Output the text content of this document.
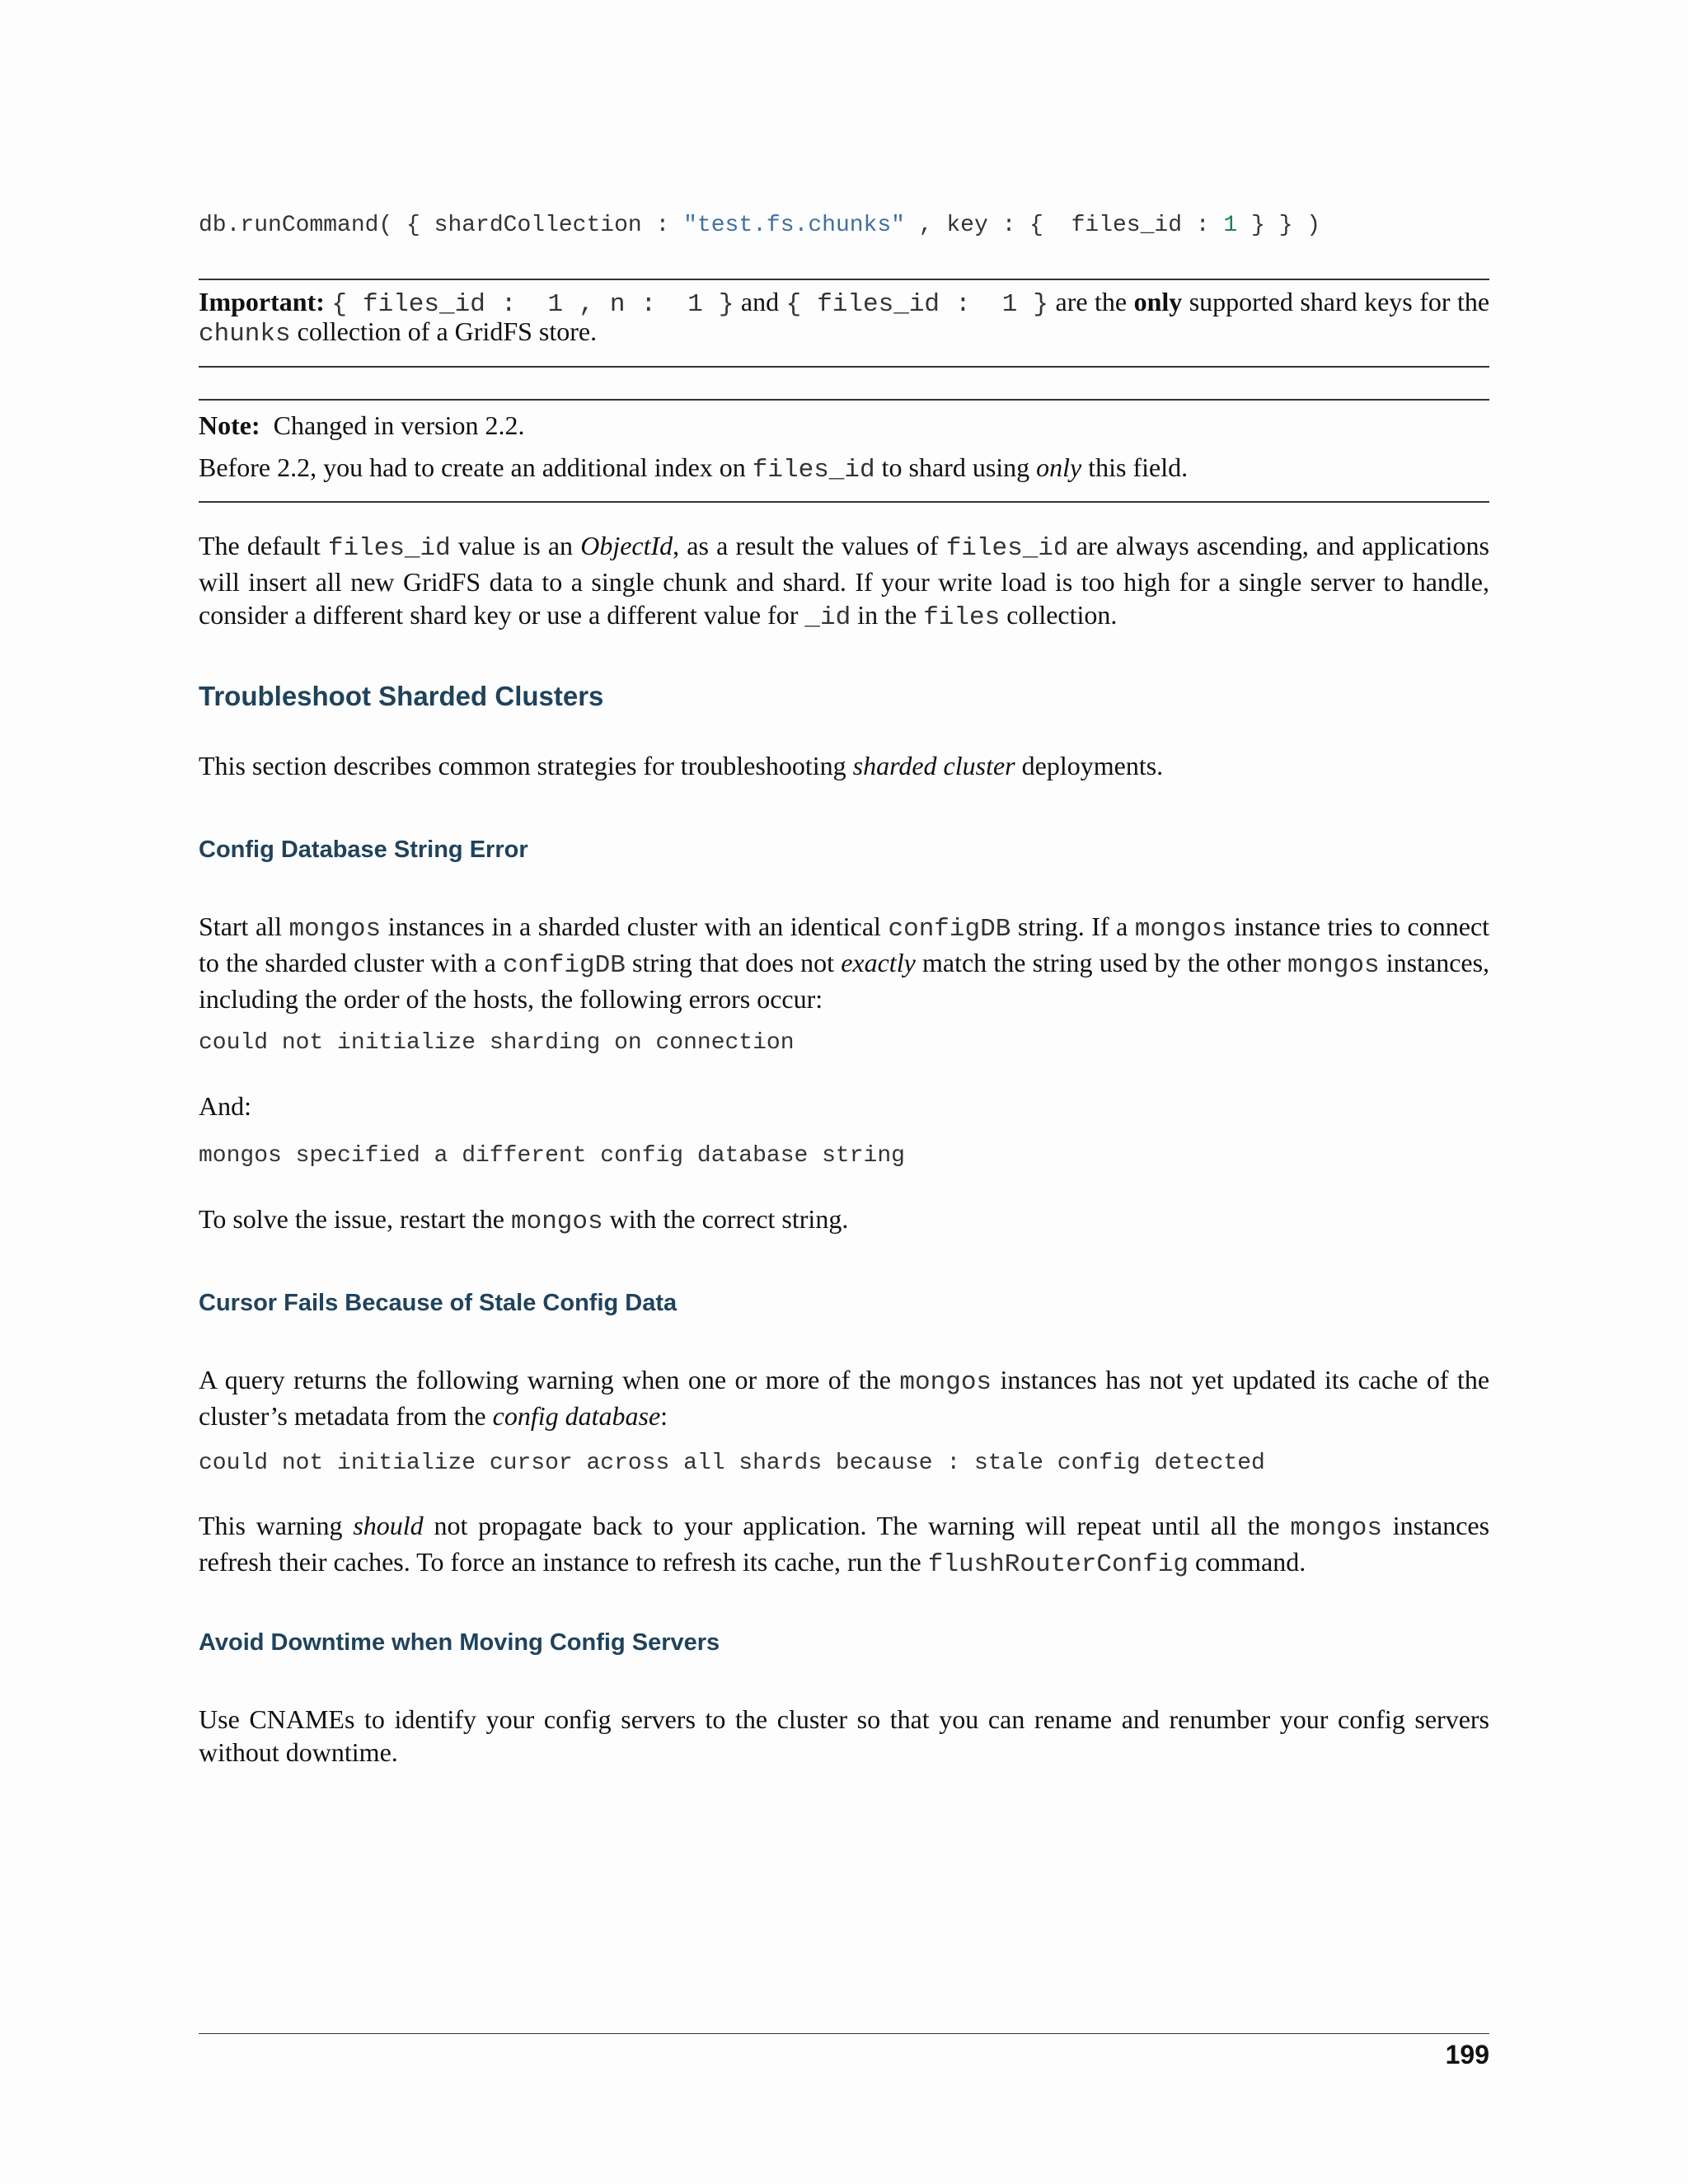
db.runCommand( { shardCollection : "test.fs.chunks" , key : {  files_id : 1 } } )

Important: { files_id :  1 , n :  1 } and { files_id :  1 } are the only supported shard keys for the chunks collection of a GridFS store.

Note: Changed in version 2.2.

Before 2.2, you had to create an additional index on files_id to shard using only this field.

The default files_id value is an ObjectId, as a result the values of files_id are always ascending, and applications will insert all new GridFS data to a single chunk and shard. If your write load is too high for a single server to handle, consider a different shard key or use a different value for _id in the files collection.

Troubleshoot Sharded Clusters

This section describes common strategies for troubleshooting sharded cluster deployments.

Config Database String Error

Start all mongos instances in a sharded cluster with an identical configDB string. If a mongos instance tries to connect to the sharded cluster with a configDB string that does not exactly match the string used by the other mongos instances, including the order of the hosts, the following errors occur:

could not initialize sharding on connection

And:

mongos specified a different config database string

To solve the issue, restart the mongos with the correct string.

Cursor Fails Because of Stale Config Data

A query returns the following warning when one or more of the mongos instances has not yet updated its cache of the cluster’s metadata from the config database:

could not initialize cursor across all shards because : stale config detected

This warning should not propagate back to your application. The warning will repeat until all the mongos instances refresh their caches. To force an instance to refresh its cache, run the flushRouterConfig command.

Avoid Downtime when Moving Config Servers

Use CNAMEs to identify your config servers to the cluster so that you can rename and renumber your config servers without downtime.

199
